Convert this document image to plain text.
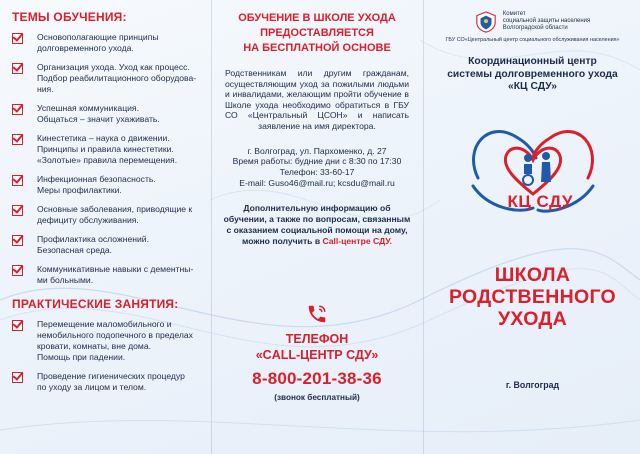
ТЕМЫ ОБУЧЕНИЯ:
Основополагающие принципы
долговременного ухода.
Организация ухода. Уход как процесс.
Подбор реабилитационного оборудова-
ния.
Успешная коммуникация.
Общаться – значит ухаживать.
Кинестетика – наука о движении.
Принципы и правила кинестетики.
«Золотые» правила перемещения.
Инфекционная безопасность.
Меры профилактики.
Основные заболевания, приводящие к
дефициту обслуживания.
Профилактика осложнений.
Безопасная среда.
Коммуникативные навыки с дементны-
ми больными.
ПРАКТИЧЕСКИЕ ЗАНЯТИЯ:
Перемещение маломобильного и
немобильного подопечного в пределах
кровати, комнаты, вне дома.
Помощь при падении.
Проведение гигиенических процедур
по уходу за лицом и телом.
ОБУЧЕНИЕ В ШКОЛЕ УХОДА
ПРЕДОСТАВЛЯЕТСЯ
НА БЕСПЛАТНОЙ ОСНОВЕ
Родственникам или другим гражданам, осуществляющим уход за пожилыми людьми и инвалидами, желающим пройти обучение в Школе ухода необходимо обратиться в ГБУ СО «Центральный ЦСОН» и написать заявление на имя директора.
г. Волгоград, ул. Пархоменко, д. 27
Время работы: будние дни с 8:30 по 17:30
Телефон: 33-60-17
E-mail: Guso46@mail.ru; kcsdu@mail.ru
Дополнительную информацию об обучении, а также по вопросам, связанным с оказанием социальной помощи на дому, можно получить в Call-центре СДУ.
ТЕЛЕФОН
«CALL-ЦЕНТР СДУ»
8-800-201-38-36
(звонок бесплатный)
Комитет
социальной защиты населения
Волгоградской области
ГБУ СО«Центральный центр социального обслуживания населения»
Координационный центр
системы долговременного ухода
«КЦ СДУ»
КЦ СДУ
ШКОЛА
РОДСТВЕННОГО
УХОДА
г. Волгоград
